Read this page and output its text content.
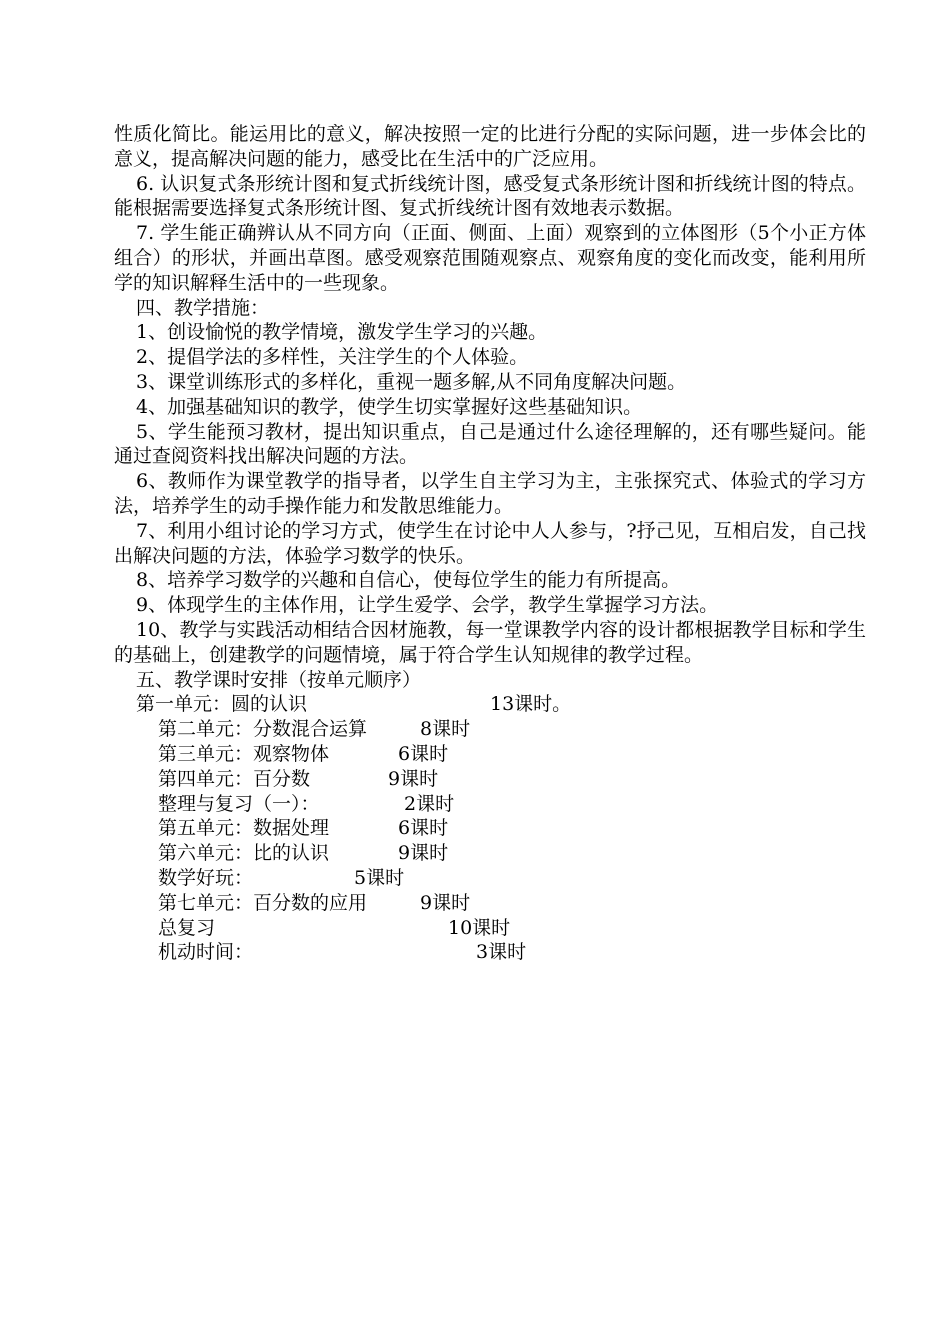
性质化简比。能运用比的意义，解决按照一定的比进行分配的实际问题，进一步体会比的意义，提高解决问题的能力，感受比在生活中的广泛应用。

6. 认识复式条形统计图和复式折线统计图，感受复式条形统计图和折线统计图的特点。能根据需要选择复式条形统计图、复式折线统计图有效地表示数据。

7. 学生能正确辨认从不同方向（正面、侧面、上面）观察到的立体图形（5个小正方体组合）的形状，并画出草图。感受观察范围随观察点、观察角度的变化而改变，能利用所学的知识解释生活中的一些现象。

四、教学措施：

1、创设愉悦的教学情境，激发学生学习的兴趣。

2、提倡学法的多样性，关注学生的个人体验。

3、课堂训练形式的多样化，重视一题多解,从不同角度解决问题。

4、加强基础知识的教学，使学生切实掌握好这些基础知识。

5、学生能预习教材，提出知识重点，自己是通过什么途径理解的，还有哪些疑问。能通过查阅资料找出解决问题的方法。

6、教师作为课堂教学的指导者，以学生自主学习为主，主张探究式、体验式的学习方法，培养学生的动手操作能力和发散思维能力。

7、利用小组讨论的学习方式，使学生在讨论中人人参与，?抒己见，互相启发，自己找出解决问题的方法，体验学习数学的快乐。

8、培养学习数学的兴趣和自信心，使每位学生的能力有所提高。

9、体现学生的主体作用，让学生爱学、会学，教学生掌握学习方法。

10、教学与实践活动相结合因材施教，每一堂课教学内容的设计都根据教学目标和学生的基础上，创建教学的问题情境，属于符合学生认知规律的教学过程。

五、教学课时安排（按单元顺序）

第一单元：圆的认识	13课时。
第二单元：分数混合运算	8课时
第三单元：观察物体	6课时
第四单元：百分数	9课时
整理与复习（一）：	2课时
第五单元：数据处理	6课时
第六单元：比的认识	9课时
数学好玩：	5课时
第七单元：百分数的应用	9课时
总复习	10课时
机动时间：	3课时
